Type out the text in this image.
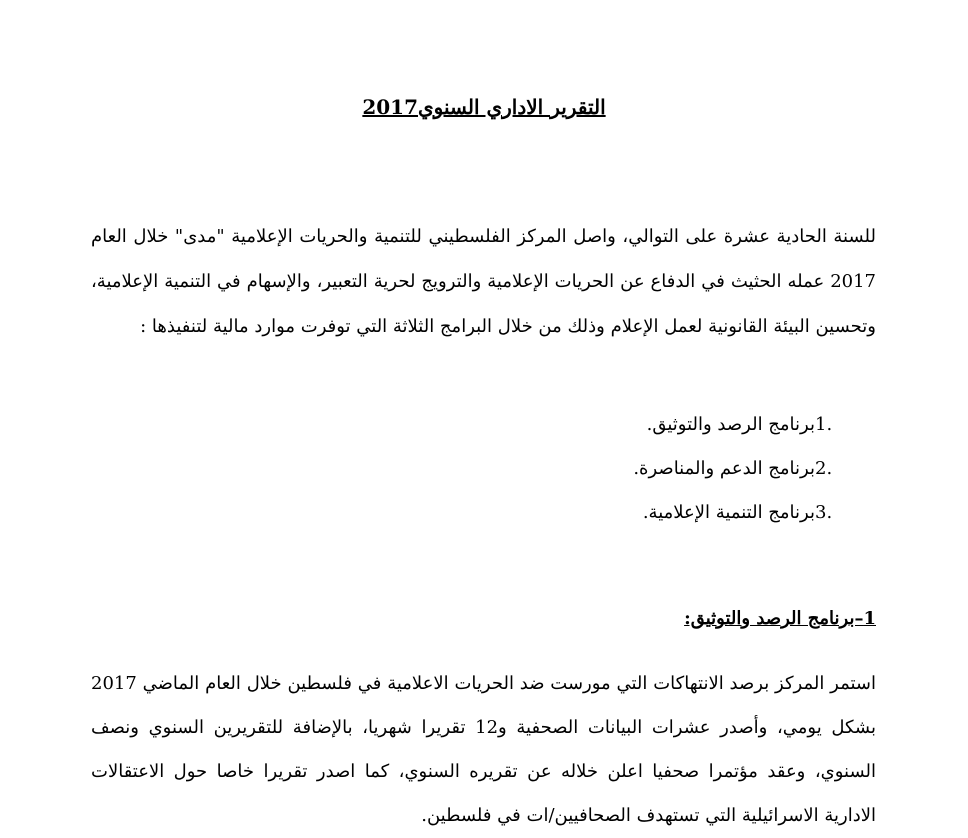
التقرير الاداري السنوي2017

للسنة الحادية عشرة على التوالي، واصل المركز الفلسطيني للتنمية والحريات الإعلامية "مدى" خلال العام 2017 عمله الحثيث في الدفاع عن الحريات الإعلامية والترويج لحرية التعبير، والإسهام في التنمية الإعلامية، وتحسين البيئة القانونية لعمل الإعلام وذلك من خلال البرامج الثلاثة التي توفرت موارد مالية لتنفيذها :

1.
برنامج الرصد والتوثيق.
2.
برنامج الدعم والمناصرة.
3.
برنامج التنمية الإعلامية.
1–برنامج الرصد والتوثيق:

استمر المركز برصد الانتهاكات التي مورست ضد الحريات الاعلامية في فلسطين خلال العام الماضي 2017 بشكل يومي، وأصدر عشرات البيانات الصحفية و12 تقريرا شهريا، بالإضافة للتقريرين السنوي ونصف السنوي، وعقد مؤتمرا صحفيا اعلن خلاله عن تقريره السنوي، كما اصدر تقريرا خاصا حول الاعتقالات الادارية الاسرائيلية التي تستهدف الصحافيين/ات في فلسطين.
